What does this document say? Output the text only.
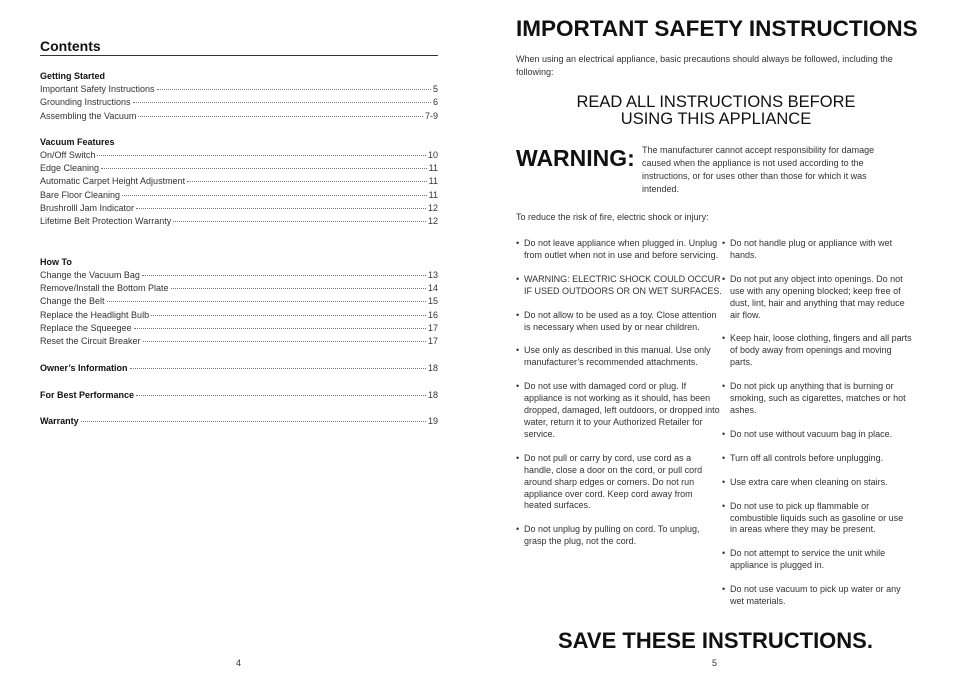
Contents
Getting Started
Important Safety Instructions	5
Grounding Instructions	6
Assembling the Vacuum	7-9
Vacuum Features
On/Off Switch	10
Edge Cleaning	11
Automatic Carpet Height Adjustment	11
Bare Floor Cleaning	11
Brushrolll Jam Indicator	12
Lifetime Belt Protection Warranty	12
How To
Change the Vacuum Bag	13
Remove/Install the Bottom Plate	14
Change the Belt	15
Replace the Headlight Bulb	16
Replace the Squeegee	17
Reset the Circuit Breaker	17
Owner’s Information	18
For Best Performance	18
Warranty	19
4
IMPORTANT SAFETY INSTRUCTIONS
When using an electrical appliance, basic precautions should always be followed, including the following:
READ ALL INSTRUCTIONS BEFORE
USING THIS APPLIANCE
WARNING: The manufacturer cannot accept responsibility for damage caused when the appliance is not used according to the instructions, or for uses other than those for which it was intended.
To reduce the risk of fire, electric shock or injury:
• Do not leave appliance when plugged in. Unplug from outlet when not in use and before servicing.
• WARNING: ELECTRIC SHOCK COULD OCCUR IF USED OUTDOORS OR ON WET SURFACES.
• Do not allow to be used as a toy. Close attention is necessary when used by or near children.
• Use only as described in this manual. Use only manufacturer’s recommended attachments.
• Do not use with damaged cord or plug. If appliance is not working as it should, has been dropped, damaged, left outdoors, or dropped into water, return it to your Authorized Retailer for service.
• Do not pull or carry by cord, use cord as a handle, close a door on the cord, or pull cord around sharp edges or corners. Do not run appliance over cord. Keep cord away from heated surfaces.
• Do not unplug by pulling on cord. To unplug, grasp the plug, not the cord.
• Do not handle plug or appliance with wet hands.
• Do not put any object into openings. Do not use with any opening blocked; keep free of dust, lint, hair and anything that may reduce air flow.
• Keep hair, loose clothing, fingers and all parts of body away from openings and moving parts.
• Do not pick up anything that is burning or smoking, such as cigarettes, matches or hot ashes.
• Do not use without vacuum bag in place.
• Turn off all controls before unplugging.
• Use extra care when cleaning on stairs.
• Do not use to pick up flammable or combustible liquids such as gasoline or use in areas where they may be present.
• Do not attempt to service the unit while appliance is plugged in.
• Do not use vacuum to pick up water or any wet materials.
SAVE THESE INSTRUCTIONS.
5
